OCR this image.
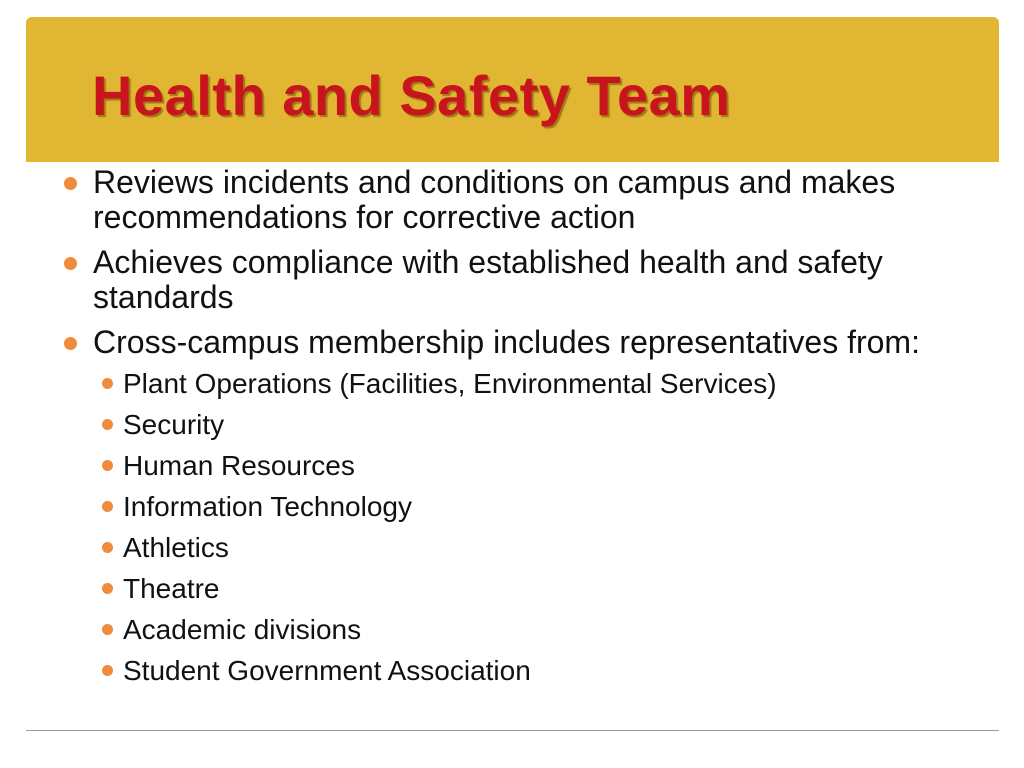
Health and Safety Team
Reviews incidents and conditions on campus and makes recommendations for corrective action
Achieves compliance with established health and safety standards
Cross-campus membership includes representatives from:
Plant Operations (Facilities, Environmental Services)
Security
Human Resources
Information Technology
Athletics
Theatre
Academic divisions
Student Government Association
